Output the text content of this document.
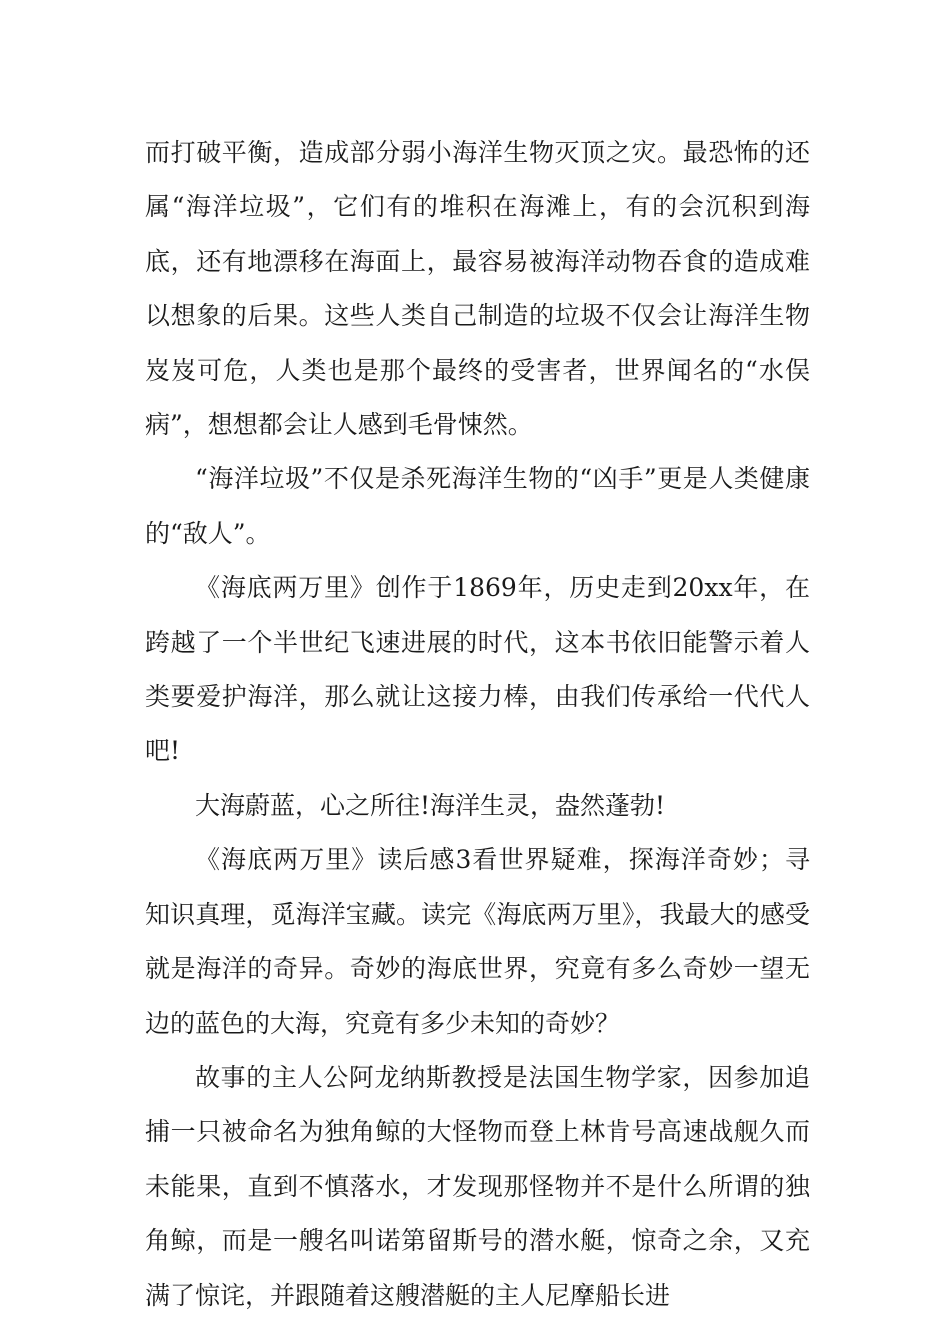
而打破平衡，造成部分弱小海洋生物灭顶之灾。最恐怖的还属“海洋垃圾”，它们有的堆积在海滩上，有的会沉积到海底，还有地漂移在海面上，最容易被海洋动物吞食的造成难以想象的后果。这些人类自己制造的垃圾不仅会让海洋生物岌岌可危，人类也是那个最终的受害者，世界闻名的“水俣病”，想想都会让人感到毛骨悚然。

“海洋垃圾”不仅是杀死海洋生物的“凶手”更是人类健康的“敌人”。

《海底两万里》创作于1869年，历史走到20xx年，在跨越了一个半世纪飞速进展的时代，这本书依旧能警示着人类要爱护海洋，那么就让这接力棒，由我们传承给一代代人吧!

大海蔚蓝，心之所往!海洋生灵，盎然蓬勃!

《海底两万里》读后感3看世界疑难，探海洋奇妙；寻知识真理，觅海洋宝藏。读完《海底两万里》，我最大的感受就是海洋的奇异。奇妙的海底世界，究竟有多么奇妙一望无边的蓝色的大海，究竟有多少未知的奇妙？

故事的主人公阿龙纳斯教授是法国生物学家，因参加追捕一只被命名为独角鲸的大怪物而登上林肯号高速战舰久而未能果，直到不慎落水，才发现那怪物并不是什么所谓的独角鲸，而是一艘名叫诺第留斯号的潜水艇，惊奇之余，又充满了惊诧，并跟随着这艘潜艇的主人尼摩船长进
